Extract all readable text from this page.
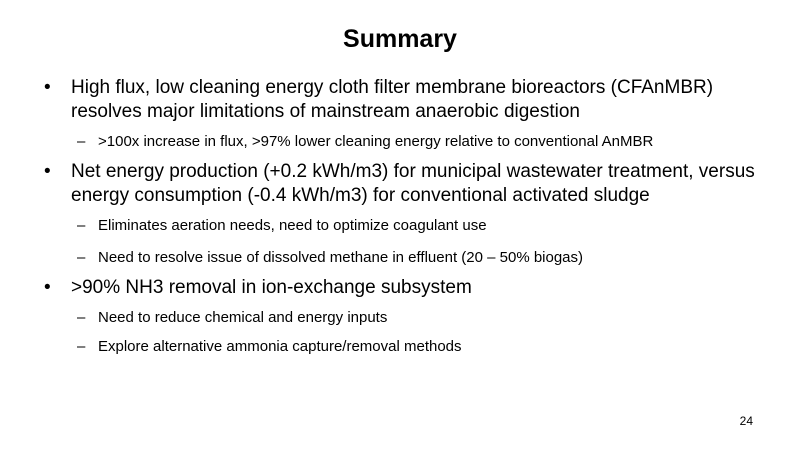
Summary
•	High flux, low cleaning energy cloth filter membrane bioreactors (CFAnMBR) resolves major limitations of mainstream anaerobic digestion
– >100x increase in flux, >97% lower cleaning energy relative to conventional AnMBR
•	Net energy production (+0.2 kWh/m3) for municipal wastewater treatment, versus energy consumption (-0.4 kWh/m3) for conventional activated sludge
– Eliminates aeration needs, need to optimize coagulant use
– Need to resolve issue of dissolved methane in effluent (20 – 50% biogas)
•	>90% NH3 removal in ion-exchange subsystem
– Need to reduce chemical and energy inputs
– Explore alternative ammonia capture/removal methods
24
